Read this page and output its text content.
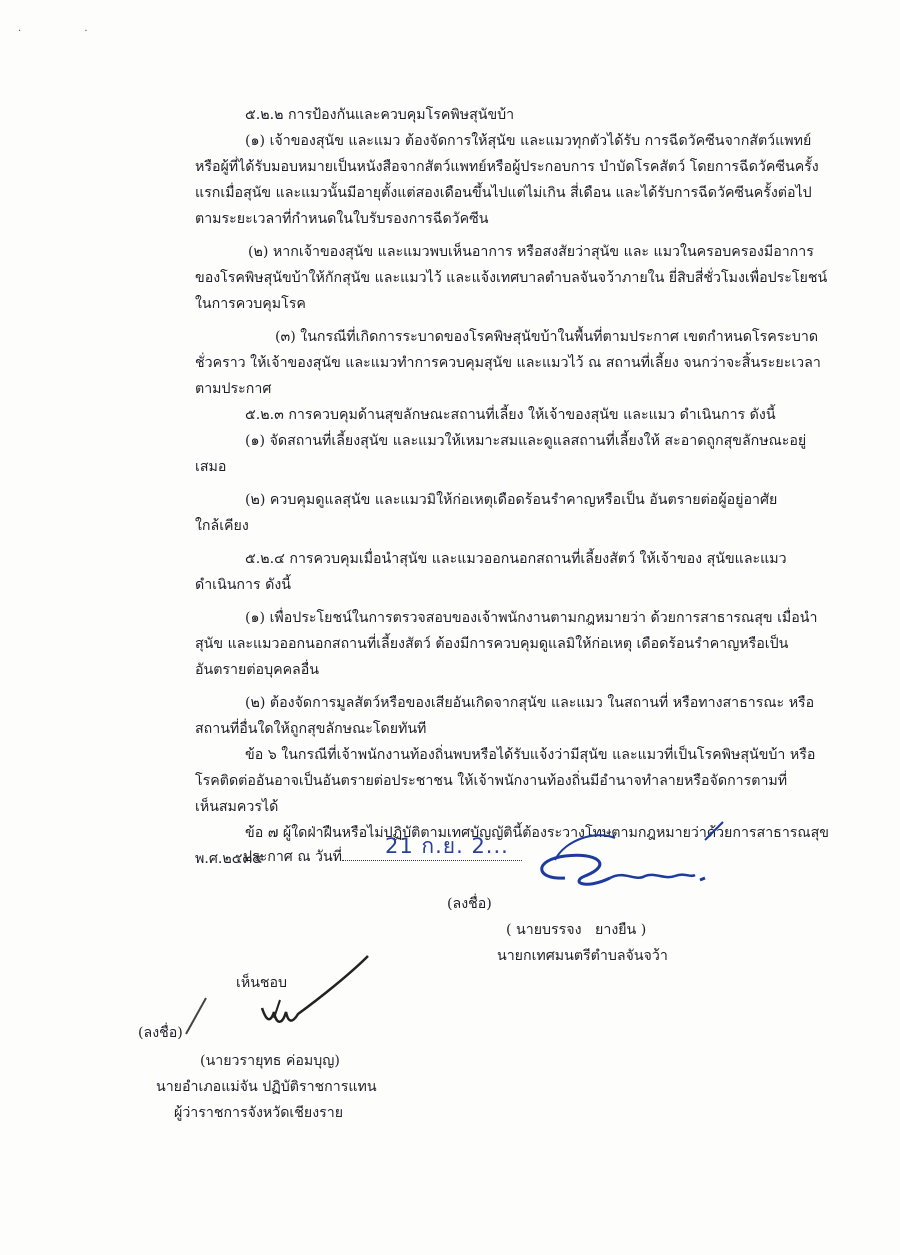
· ·

๕.๒.๒ การป้องกันและควบคุมโรคพิษสุนัขบ้า

(๑) เจ้าของสุนัข และแมว ต้องจัดการให้สุนัข และแมวทุกตัวได้รับ การฉีดวัคซีนจากสัตว์แพทย์

หรือผู้ที่ได้รับมอบหมายเป็นหนังสือจากสัตว์แพทย์หรือผู้ประกอบการ บำบัดโรคสัตว์ โดยการฉีดวัคซีนครั้ง

แรกเมื่อสุนัข และแมวนั้นมีอายุตั้งแต่สองเดือนขึ้นไปแต่ไม่เกิน สี่เดือน และได้รับการฉีดวัคซีนครั้งต่อไป

ตามระยะเวลาที่กำหนดในใบรับรองการฉีดวัคซีน

(๒) หากเจ้าของสุนัข และแมวพบเห็นอาการ หรือสงสัยว่าสุนัข และ แมวในครอบครองมีอาการ

ของโรคพิษสุนัขบ้าให้กักสุนัข และแมวไว้ และแจ้งเทศบาลตำบลจันจว้าภายใน ยี่สิบสี่ชั่วโมงเพื่อประโยชน์

ในการควบคุมโรค

(๓) ในกรณีที่เกิดการระบาดของโรคพิษสุนัขบ้าในพื้นที่ตามประกาศ เขตกำหนดโรคระบาด

ชั่วคราว ให้เจ้าของสุนัข และแมวทำการควบคุมสุนัข และแมวไว้ ณ สถานที่เลี้ยง จนกว่าจะสิ้นระยะเวลา

ตามประกาศ

๕.๒.๓ การควบคุมด้านสุขลักษณะสถานที่เลี้ยง ให้เจ้าของสุนัข และแมว ดำเนินการ ดังนี้

(๑) จัดสถานที่เลี้ยงสุนัข และแมวให้เหมาะสมและดูแลสถานที่เลี้ยงให้ สะอาดถูกสุขลักษณะอยู่

เสมอ

(๒) ควบคุมดูแลสุนัข และแมวมิให้ก่อเหตุเดือดร้อนรำคาญหรือเป็น อันตรายต่อผู้อยู่อาศัย

ใกล้เคียง

๕.๒.๔ การควบคุมเมื่อนำสุนัข และแมวออกนอกสถานที่เลี้ยงสัตว์ ให้เจ้าของ สุนัขและแมว

ดำเนินการ ดังนี้

(๑) เพื่อประโยชน์ในการตรวจสอบของเจ้าพนักงานตามกฎหมายว่า ด้วยการสาธารณสุข เมื่อนำ

สุนัข และแมวออกนอกสถานที่เลี้ยงสัตว์ ต้องมีการควบคุมดูแลมิให้ก่อเหตุ เดือดร้อนรำคาญหรือเป็น

อันตรายต่อบุคคลอื่น

(๒) ต้องจัดการมูลสัตว์หรือของเสียอันเกิดจากสุนัข และแมว ในสถานที่ หรือทางสาธารณะ หรือ

สถานที่อื่นใดให้ถูกสุขลักษณะโดยทันที

ข้อ ๖ ในกรณีที่เจ้าพนักงานท้องถิ่นพบหรือได้รับแจ้งว่ามีสุนัข และแมวที่เป็นโรคพิษสุนัขบ้า หรือ

โรคติดต่ออันอาจเป็นอันตรายต่อประชาชน ให้เจ้าพนักงานท้องถิ่นมีอำนาจทำลายหรือจัดการตามที่

เห็นสมควรได้

ข้อ ๗ ผู้ใดฝ่าฝืนหรือไม่ปฏิบัติตามเทศบัญญัตินี้ต้องระวางโทษตามกฎหมายว่าด้วยการสาธารณสุข

พ.ศ.๒๕๓๕

ประกาศ ณ วันที่	21 ก.ย. 2...
(ลงชื่อ)
( นายบรรจง   ยางยืน )
นายกเทศมนตรีตำบลจันจว้า
เห็นชอบ
(ลงชื่อ)
(นายวรายุทธ ค่อมบุญ)
นายอำเภอแม่จัน ปฏิบัติราชการแทน
ผู้ว่าราชการจังหวัดเชียงราย
